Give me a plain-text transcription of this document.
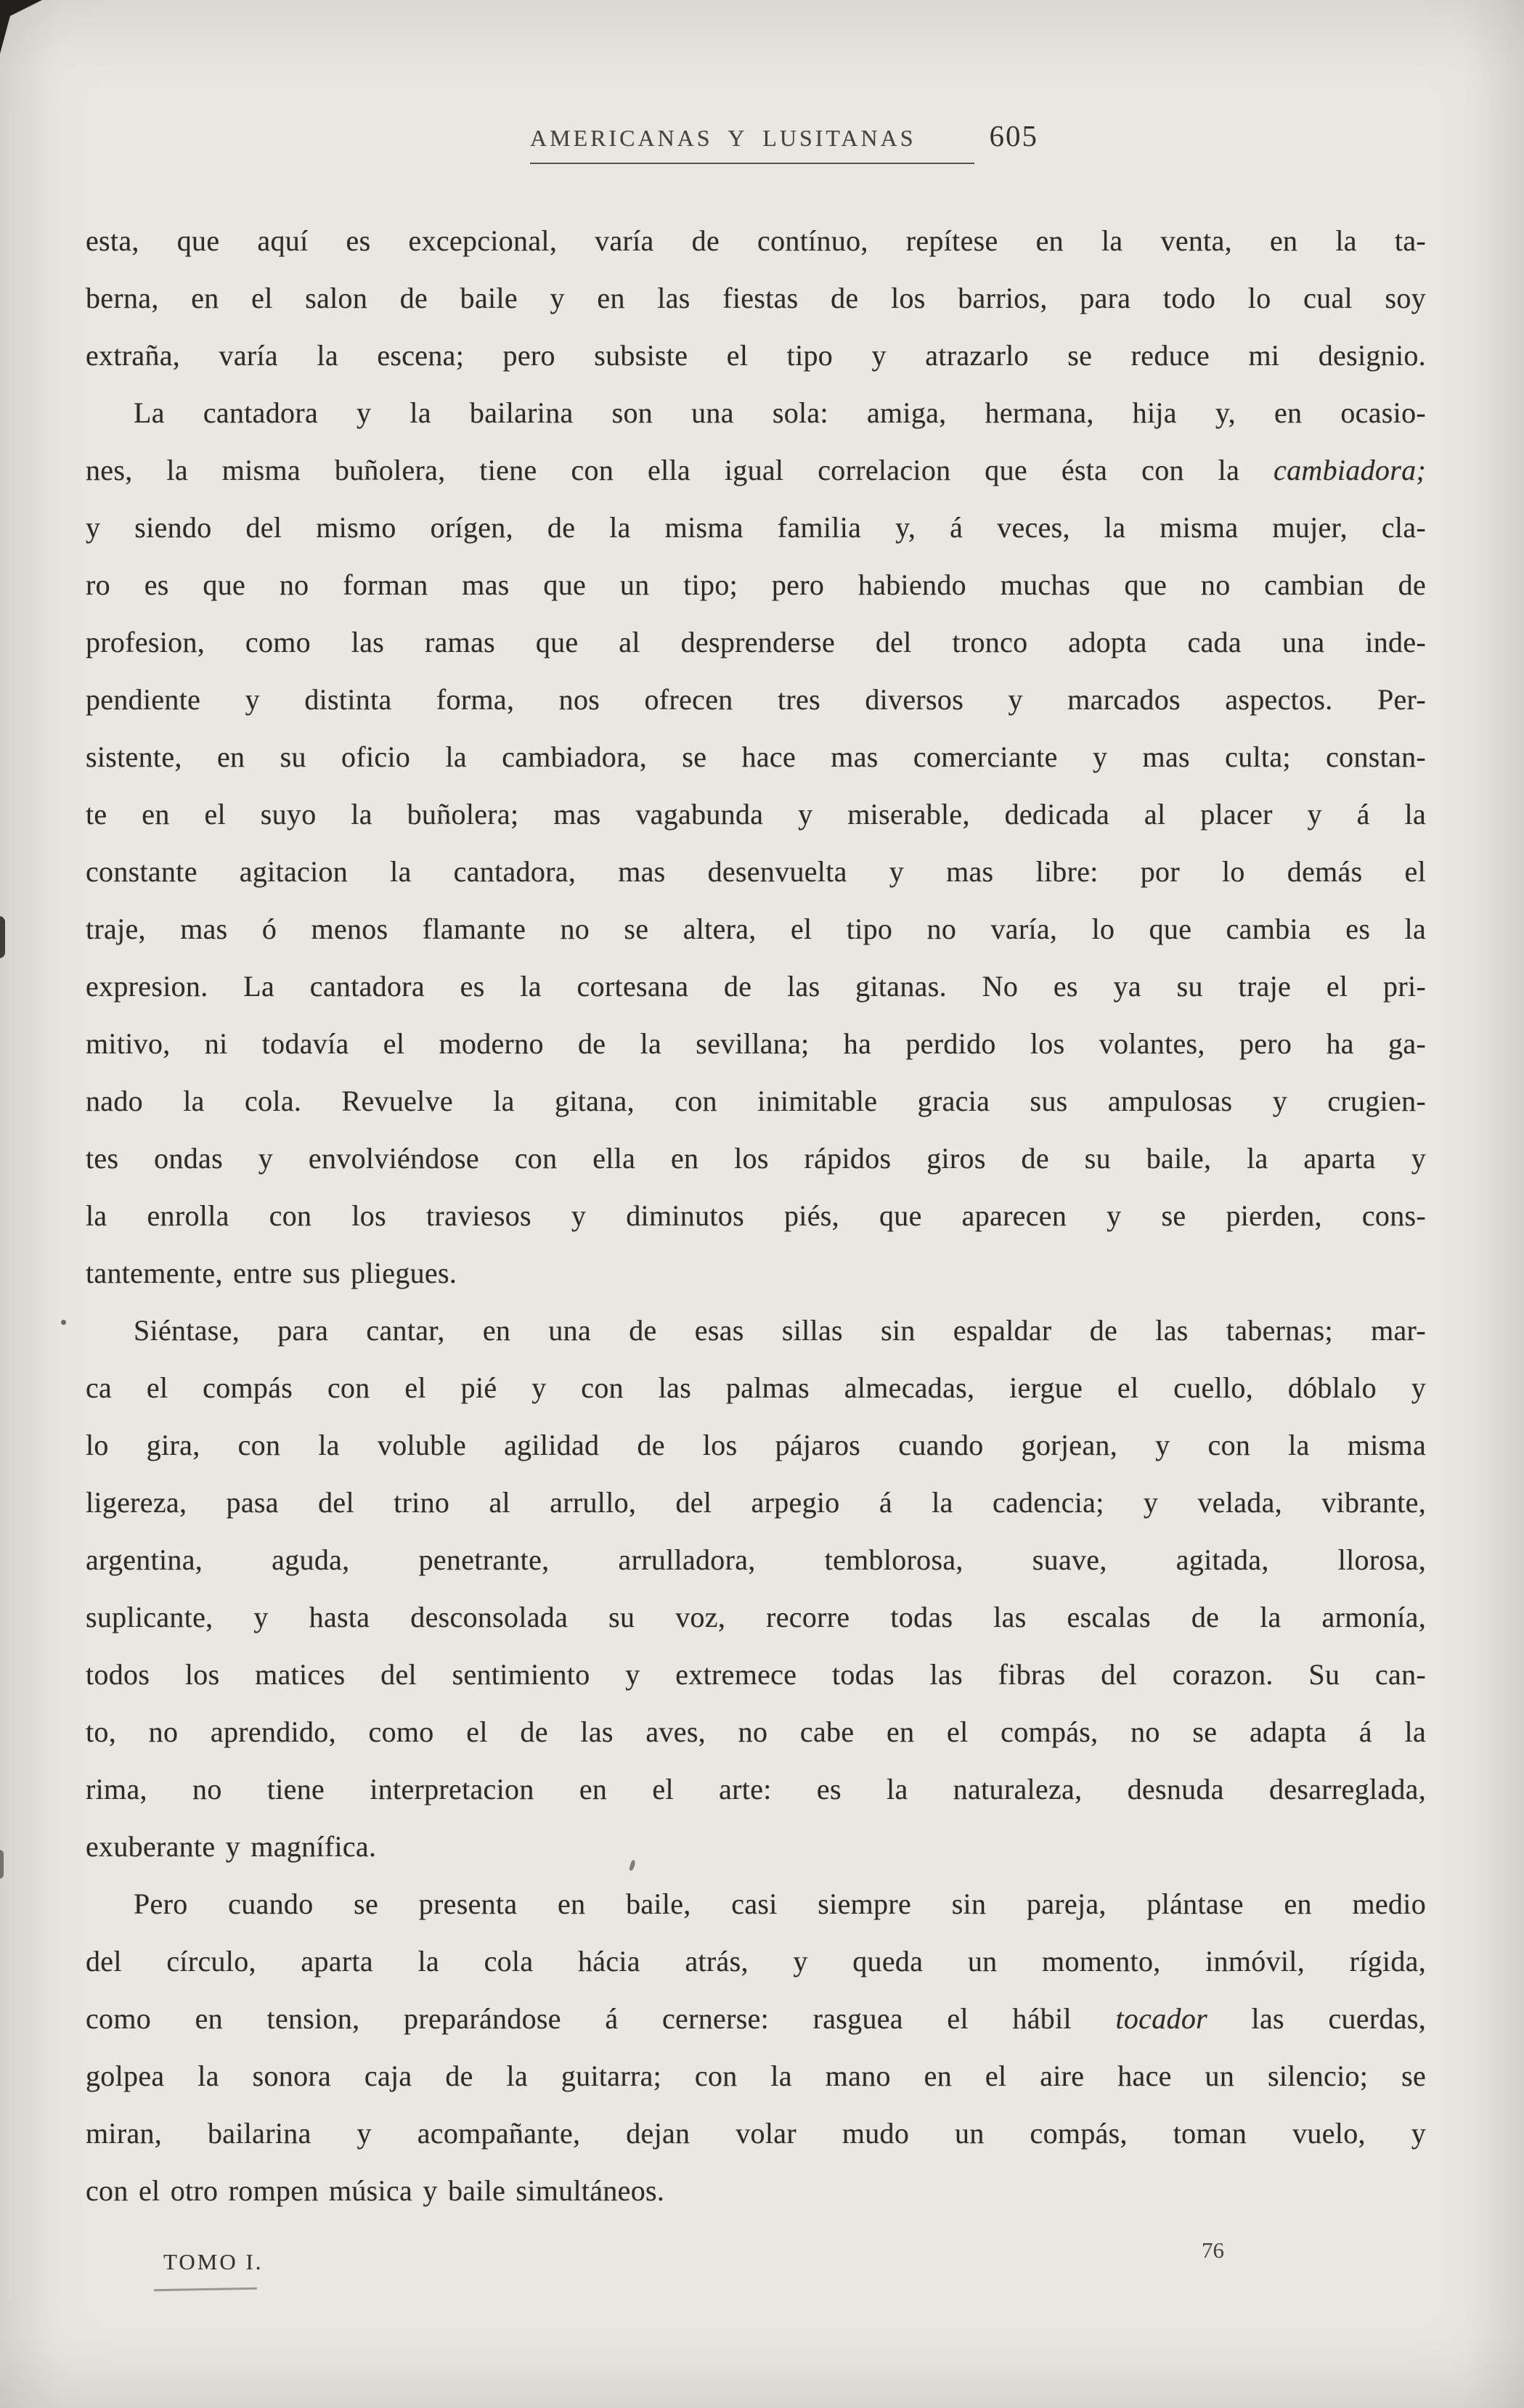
AMERICANAS Y LUSITANAS 605
esta, que aquí es excepcional, varía de contínuo, repítese en la venta, en la ta-
berna, en el salon de baile y en las fiestas de los barrios, para todo lo cual soy
extraña, varía la escena; pero subsiste el tipo y atrazarlo se reduce mi designio.
La cantadora y la bailarina son una sola: amiga, hermana, hija y, en ocasio-
nes, la misma buñolera, tiene con ella igual correlacion que ésta con la cambiadora;
y siendo del mismo orígen, de la misma familia y, á veces, la misma mujer, cla-
ro es que no forman mas que un tipo; pero habiendo muchas que no cambian de
profesion, como las ramas que al desprenderse del tronco adopta cada una inde-
pendiente y distinta forma, nos ofrecen tres diversos y marcados aspectos. Per-
sistente, en su oficio la cambiadora, se hace mas comerciante y mas culta; constan-
te en el suyo la buñolera; mas vagabunda y miserable, dedicada al placer y á la
constante agitacion la cantadora, mas desenvuelta y mas libre: por lo demás el
traje, mas ó menos flamante no se altera, el tipo no varía, lo que cambia es la
expresion. La cantadora es la cortesana de las gitanas. No es ya su traje el pri-
mitivo, ni todavía el moderno de la sevillana; ha perdido los volantes, pero ha ga-
nado la cola. Revuelve la gitana, con inimitable gracia sus ampulosas y crugien-
tes ondas y envolviéndose con ella en los rápidos giros de su baile, la aparta y
la enrolla con los traviesos y diminutos piés, que aparecen y se pierden, cons-
tantemente, entre sus pliegues.
Siéntase, para cantar, en una de esas sillas sin espaldar de las tabernas; mar-
ca el compás con el pié y con las palmas almecadas, iergue el cuello, dóblalo y
lo gira, con la voluble agilidad de los pájaros cuando gorjean, y con la misma
ligereza, pasa del trino al arrullo, del arpegio á la cadencia; y velada, vibrante,
argentina, aguda, penetrante, arrulladora, temblorosa, suave, agitada, llorosa,
suplicante, y hasta desconsolada su voz, recorre todas las escalas de la armonía,
todos los matices del sentimiento y extremece todas las fibras del corazon. Su can-
to, no aprendido, como el de las aves, no cabe en el compás, no se adapta á la
rima, no tiene interpretacion en el arte: es la naturaleza, desnuda desarreglada,
exuberante y magnífica.
Pero cuando se presenta en baile, casi siempre sin pareja, plántase en medio
del círculo, aparta la cola hácia atrás, y queda un momento, inmóvil, rígida,
como en tension, preparándose á cernerse: rasguea el hábil tocador las cuerdas,
golpea la sonora caja de la guitarra; con la mano en el aire hace un silencio; se
miran, bailarina y acompañante, dejan volar mudo un compás, toman vuelo, y
con el otro rompen música y baile simultáneos.
TOMO I.	76
